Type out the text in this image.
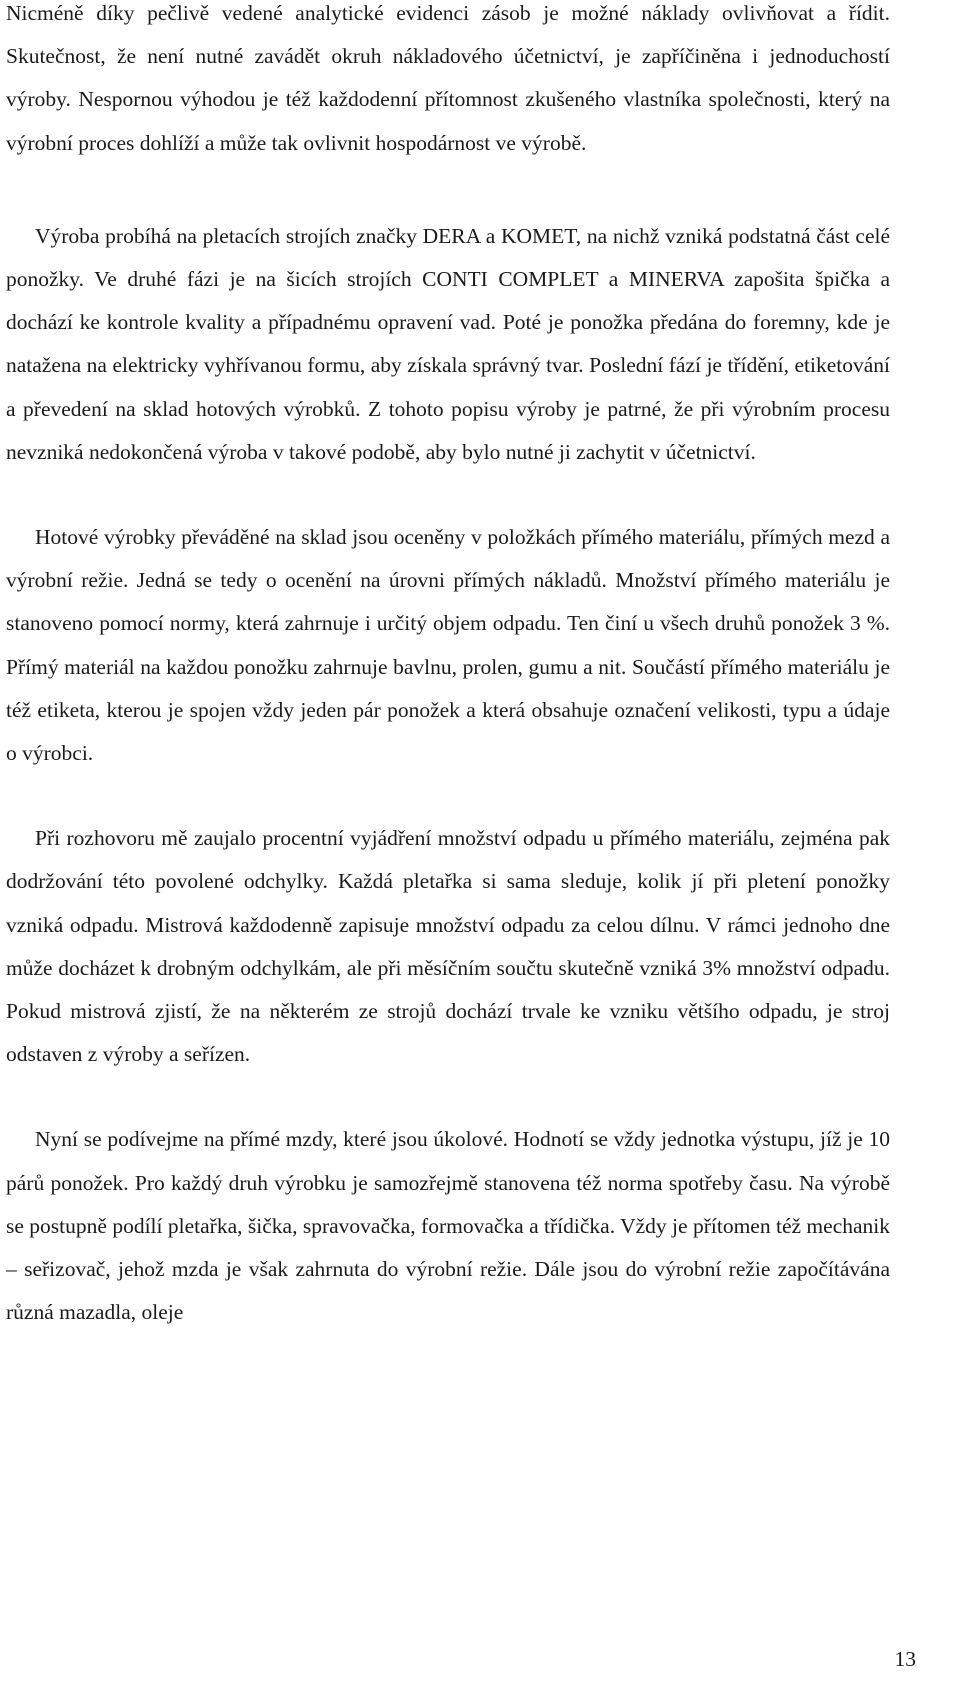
Nicméně díky pečlivě vedené analytické evidenci zásob je možné náklady ovlivňovat a řídit. Skutečnost, že není nutné zavádět okruh nákladového účetnictví, je zapříčiněna i jednoduchostí výroby. Nespornou výhodou je též každodenní přítomnost zkušeného vlastníka společnosti, který na výrobní proces dohlíží a může tak ovlivnit hospodárnost ve výrobě.

Výroba probíhá na pletacích strojích značky DERA a KOMET, na nichž vzniká podstatná část celé ponožky. Ve druhé fázi je na šicích strojích CONTI COMPLET a MINERVA zapošita špička a dochází ke kontrole kvality a případnému opravení vad. Poté je ponožka předána do foremny, kde je natažena na elektricky vyhřívanou formu, aby získala správný tvar. Poslední fází je třídění, etiketování a převedení na sklad hotových výrobků. Z tohoto popisu výroby je patrné, že při výrobním procesu nevzniká nedokončená výroba v takové podobě, aby bylo nutné ji zachytit v účetnictví.

Hotové výrobky převáděné na sklad jsou oceněny v položkách přímého materiálu, přímých mezd a výrobní režie. Jedná se tedy o ocenění na úrovni přímých nákladů. Množství přímého materiálu je stanoveno pomocí normy, která zahrnuje i určitý objem odpadu. Ten činí u všech druhů ponožek 3 %. Přímý materiál na každou ponožku zahrnuje bavlnu, prolen, gumu a nit. Součástí přímého materiálu je též etiketa, kterou je spojen vždy jeden pár ponožek a která obsahuje označení velikosti, typu a údaje o výrobci.

Při rozhovoru mě zaujalo procentní vyjádření množství odpadu u přímého materiálu, zejména pak dodržování této povolené odchylky. Každá pletařka si sama sleduje, kolik jí při pletení ponožky vzniká odpadu. Mistrová každodenně zapisuje množství odpadu za celou dílnu. V rámci jednoho dne může docházet k drobným odchylkám, ale při měsíčním součtu skutečně vzniká 3% množství odpadu. Pokud mistrová zjistí, že na některém ze strojů dochází trvale ke vzniku většího odpadu, je stroj odstaven z výroby a seřízen.

Nyní se podívejme na přímé mzdy, které jsou úkolové. Hodnotí se vždy jednotka výstupu, jíž je 10 párů ponožek. Pro každý druh výrobku je samozřejmě stanovena též norma spotřeby času. Na výrobě se postupně podílí pletařka, šička, spravovačka, formovačka a třídička. Vždy je přítomen též mechanik – seřizovač, jehož mzda je však zahrnuta do výrobní režie. Dále jsou do výrobní režie započítávána různá mazadla, oleje

13
